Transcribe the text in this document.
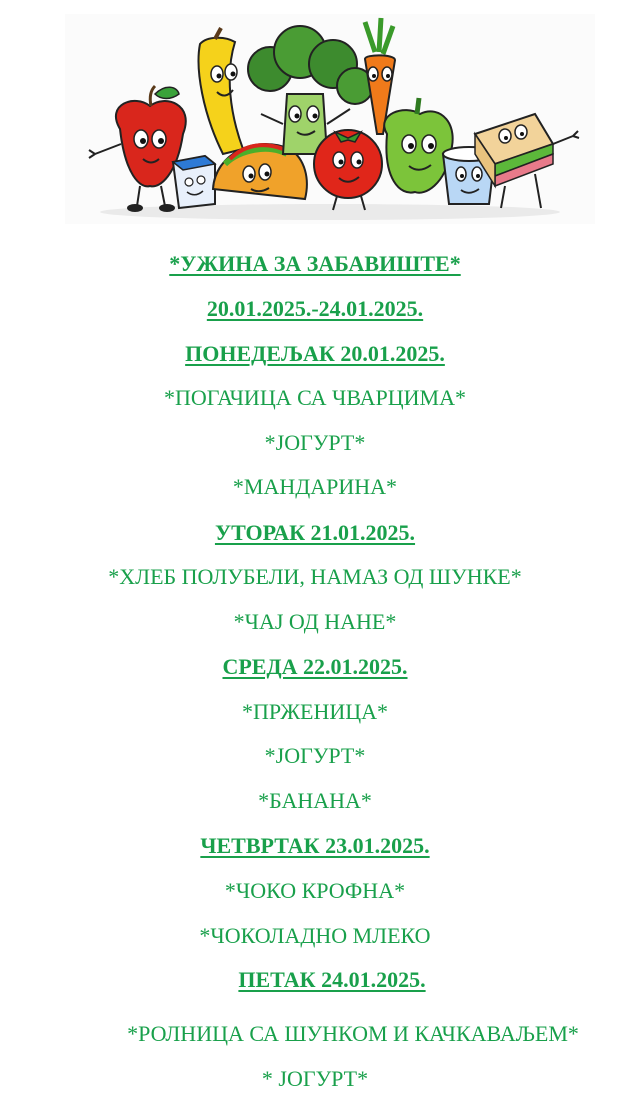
*УЖИНА ЗА ЗАБАВИШТЕ*
20.01.2025.-24.01.2025.
ПОНЕДЕЉАК 20.01.2025.
*ПОГАЧИЦА СА ЧВАРЦИМА*
*ЈОГУРТ*
*МАНДАРИНА*
УТОРАК 21.01.2025.
*ХЛЕБ ПОЛУБЕЛИ, НАМАЗ ОД ШУНКЕ*
*ЧАЈ ОД НАНЕ*
СРЕДА 22.01.2025.
*ПРЖЕНИЦА*
*ЈОГУРТ*
*БАНАНА*
ЧЕТВРТАК 23.01.2025.
*ЧОКО КРОФНА*
*ЧОКОЛАДНО МЛЕКО
ПЕТАК 24.01.2025.
*РОЛНИЦА СА ШУНКОМ И КАЧКАВАЉЕМ*
* ЈОГУРТ*
